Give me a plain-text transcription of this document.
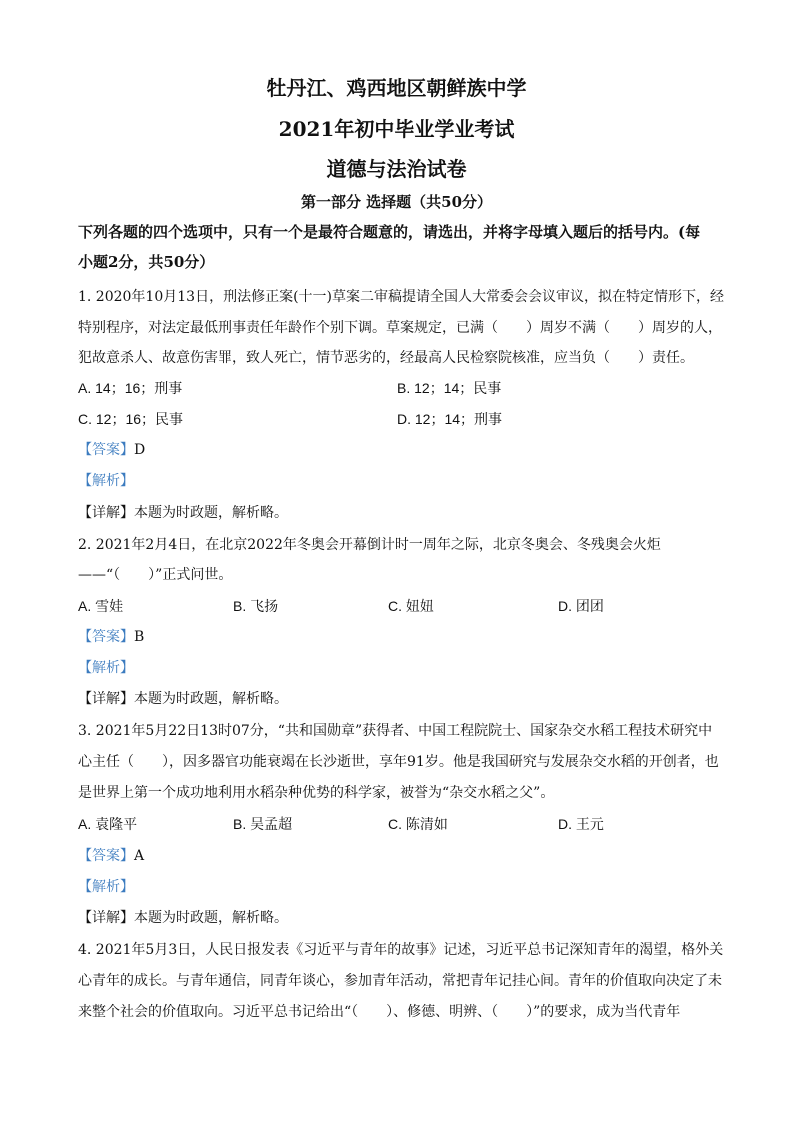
牡丹江、鸡西地区朝鲜族中学
2021年初中毕业学业考试
道德与法治试卷
第一部分 选择题（共50分）
下列各题的四个选项中，只有一个是最符合题意的，请选出，并将字母填入题后的括号内。(每
小题2分，共50分）
1. 2020年10月13日，刑法修正案(十一)草案二审稿提请全国人大常委会会议审议，拟在特定情形下，经
特别程序，对法定最低刑事责任年龄作个别下调。草案规定，已满（　　）周岁不满（　　）周岁的人，
犯故意杀人、故意伤害罪，致人死亡，情节恶劣的，经最高人民检察院核准，应当负（　　）责任。
A. 14；16；刑事	B. 12；14；民事
C. 12；16；民事	D. 12；14；刑事
【答案】D
【解析】
【详解】本题为时政题，解析略。
2. 2021年2月4日，在北京2022年冬奥会开幕倒计时一周年之际，北京冬奥会、冬残奥会火炬
——“（　　）”正式问世。
A. 雪娃	B. 飞扬	C. 妞妞	D. 团团
【答案】B
【解析】
【详解】本题为时政题，解析略。
3. 2021年5月22日13时07分，“共和国勋章”获得者、中国工程院院士、国家杂交水稻工程技术研究中
心主任（　　），因多器官功能衰竭在长沙逝世，享年91岁。他是我国研究与发展杂交水稻的开创者，也
是世界上第一个成功地利用水稻杂种优势的科学家，被誉为“杂交水稻之父”。
A. 袁隆平	B. 吴孟超	C. 陈清如	D. 王元
【答案】A
【解析】
【详解】本题为时政题，解析略。
4. 2021年5月3日，人民日报发表《习近平与青年的故事》记述，习近平总书记深知青年的渴望，格外关
心青年的成长。与青年通信，同青年谈心，参加青年活动，常把青年记挂心间。青年的价值取向决定了未
来整个社会的价值取向。习近平总书记给出“（　　）、修德、明辨、（　　）”的要求，成为当代青年
